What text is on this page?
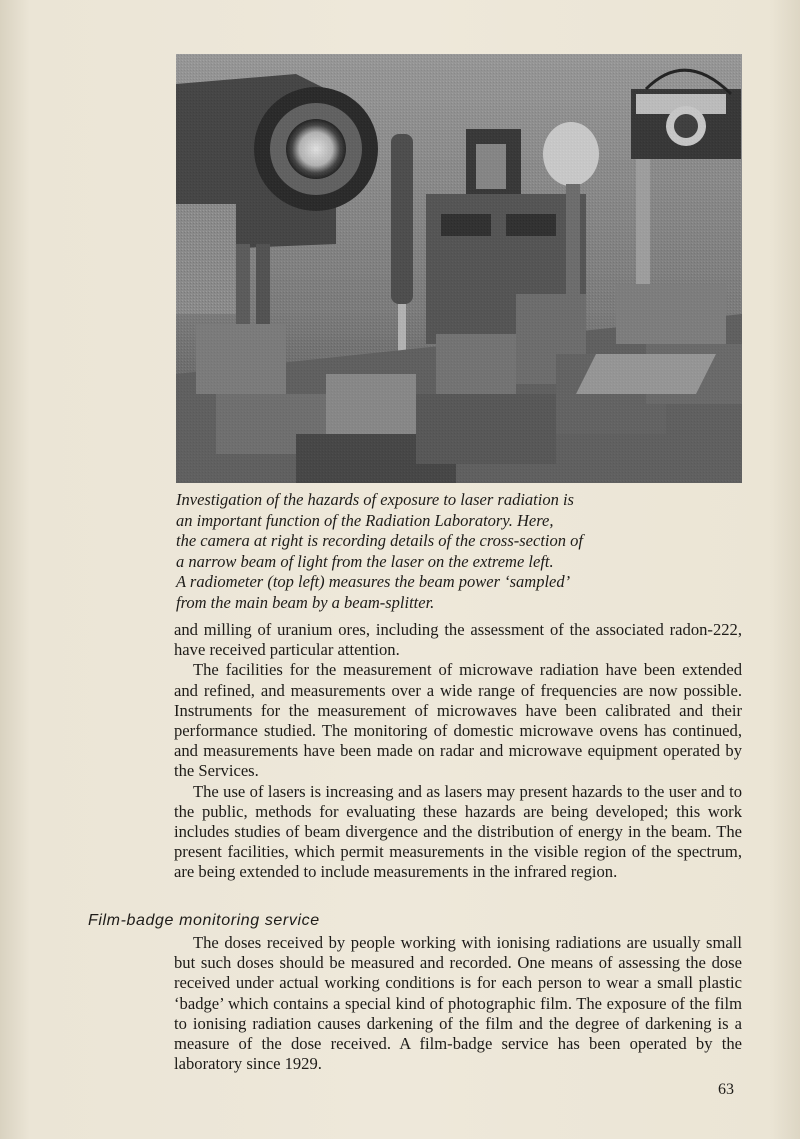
Investigation of the hazards of exposure to laser radiation is

an important function of the Radiation Laboratory. Here,

the camera at right is recording details of the cross-section of

a narrow beam of light from the laser on the extreme left.

A radiometer (top left) measures the beam power ‘sampled’

from the main beam by a beam-splitter.

and milling of uranium ores, including the assessment of the associated radon-222, have received particular attention.

The facilities for the measurement of microwave radiation have been extended and refined, and measurements over a wide range of frequencies are now possible. Instruments for the measurement of microwaves have been calibrated and their performance studied. The monitoring of domestic microwave ovens has continued, and measurements have been made on radar and microwave equipment operated by the Services.

The use of lasers is increasing and as lasers may present hazards to the user and to the public, methods for evaluating these hazards are being developed; this work includes studies of beam divergence and the distribution of energy in the beam. The present facilities, which permit measurements in the visible region of the spectrum, are being extended to include measurements in the infrared region.

Film-badge monitoring service

The doses received by people working with ionising radiations are usually small but such doses should be measured and recorded. One means of assessing the dose received under actual working conditions is for each person to wear a small plastic ‘badge’ which contains a special kind of photographic film. The exposure of the film to ionising radiation causes darkening of the film and the degree of darkening is a measure of the dose received. A film-badge service has been operated by the laboratory since 1929.

63
